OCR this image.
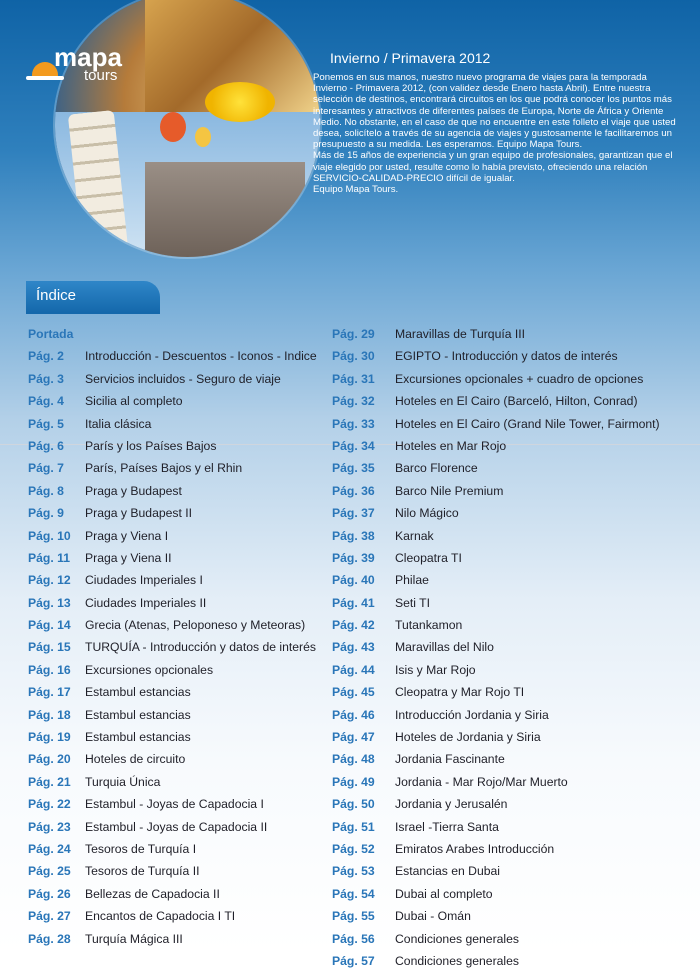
mapa
tours
Invierno / Primavera 2012

Ponemos en sus manos, nuestro nuevo programa de viajes para la temporada Invierno - Primavera 2012, (con validez desde Enero hasta Abril). Entre nuestra selección de destinos, encontrará circuitos en los que podrá conocer los puntos más interesantes y atractivos de diferentes países de Europa, Norte de África y Oriente Medio. No obstante, en el caso de que no encuentre en este folleto el viaje que usted desea, solicítelo a través de su agencia de viajes y gustosamente le facilitaremos un presupuesto a su medida. Les esperamos. Equipo Mapa Tours.

Más de 15 años de experiencia y un gran equipo de profesionales, garantizan que el viaje elegido por usted, resulte como lo había previsto, ofreciendo una relación SERVICIO-CALIDAD-PRECIO difícil de igualar.

Equipo Mapa Tours.

Índice
Portada
Pág. 2 Introducción - Descuentos - Iconos - Indice
Pág. 3 Servicios incluidos - Seguro de viaje
Pág. 4 Sicilia al completo
Pág. 5 Italia clásica
Pág. 6 París y los Países Bajos
Pág. 7 París, Países Bajos y el Rhin
Pág. 8 Praga y Budapest
Pág. 9 Praga y Budapest II
Pág. 10 Praga y Viena I
Pág. 11 Praga y Viena II
Pág. 12 Ciudades Imperiales I
Pág. 13 Ciudades Imperiales II
Pág. 14 Grecia (Atenas, Peloponeso y Meteoras)
Pág. 15 TURQUÍA - Introducción y datos de interés
Pág. 16 Excursiones opcionales
Pág. 17 Estambul estancias
Pág. 18 Estambul estancias
Pág. 19 Estambul estancias
Pág. 20 Hoteles de circuito
Pág. 21 Turquia Única
Pág. 22 Estambul - Joyas de Capadocia I
Pág. 23 Estambul - Joyas de Capadocia II
Pág. 24 Tesoros de Turquía I
Pág. 25 Tesoros de Turquía II
Pág. 26 Bellezas de Capadocia II
Pág. 27 Encantos de Capadocia I TI
Pág. 28 Turquía Mágica III
Pág. 29 Maravillas de Turquía III
Pág. 30 EGIPTO - Introducción y datos de interés
Pág. 31 Excursiones opcionales + cuadro de opciones
Pág. 32 Hoteles en El Cairo (Barceló, Hilton, Conrad)
Pág. 33 Hoteles en El Cairo (Grand Nile Tower, Fairmont)
Pág. 34 Hoteles en Mar Rojo
Pág. 35 Barco Florence
Pág. 36 Barco Nile Premium
Pág. 37 Nilo Mágico
Pág. 38 Karnak
Pág. 39 Cleopatra TI
Pág. 40 Philae
Pág. 41 Seti TI
Pág. 42 Tutankamon
Pág. 43 Maravillas del Nilo
Pág. 44 Isis y Mar Rojo
Pág. 45 Cleopatra y Mar Rojo TI
Pág. 46 Introducción Jordania y Siria
Pág. 47 Hoteles de Jordania y Siria
Pág. 48 Jordania Fascinante
Pág. 49 Jordania - Mar Rojo/Mar Muerto
Pág. 50 Jordania y Jerusalén
Pág. 51 Israel -Tierra Santa
Pág. 52 Emiratos Arabes Introducción
Pág. 53 Estancias en Dubai
Pág. 54 Dubai al completo
Pág. 55 Dubai - Omán
Pág. 56 Condiciones generales
Pág. 57 Condiciones generales
